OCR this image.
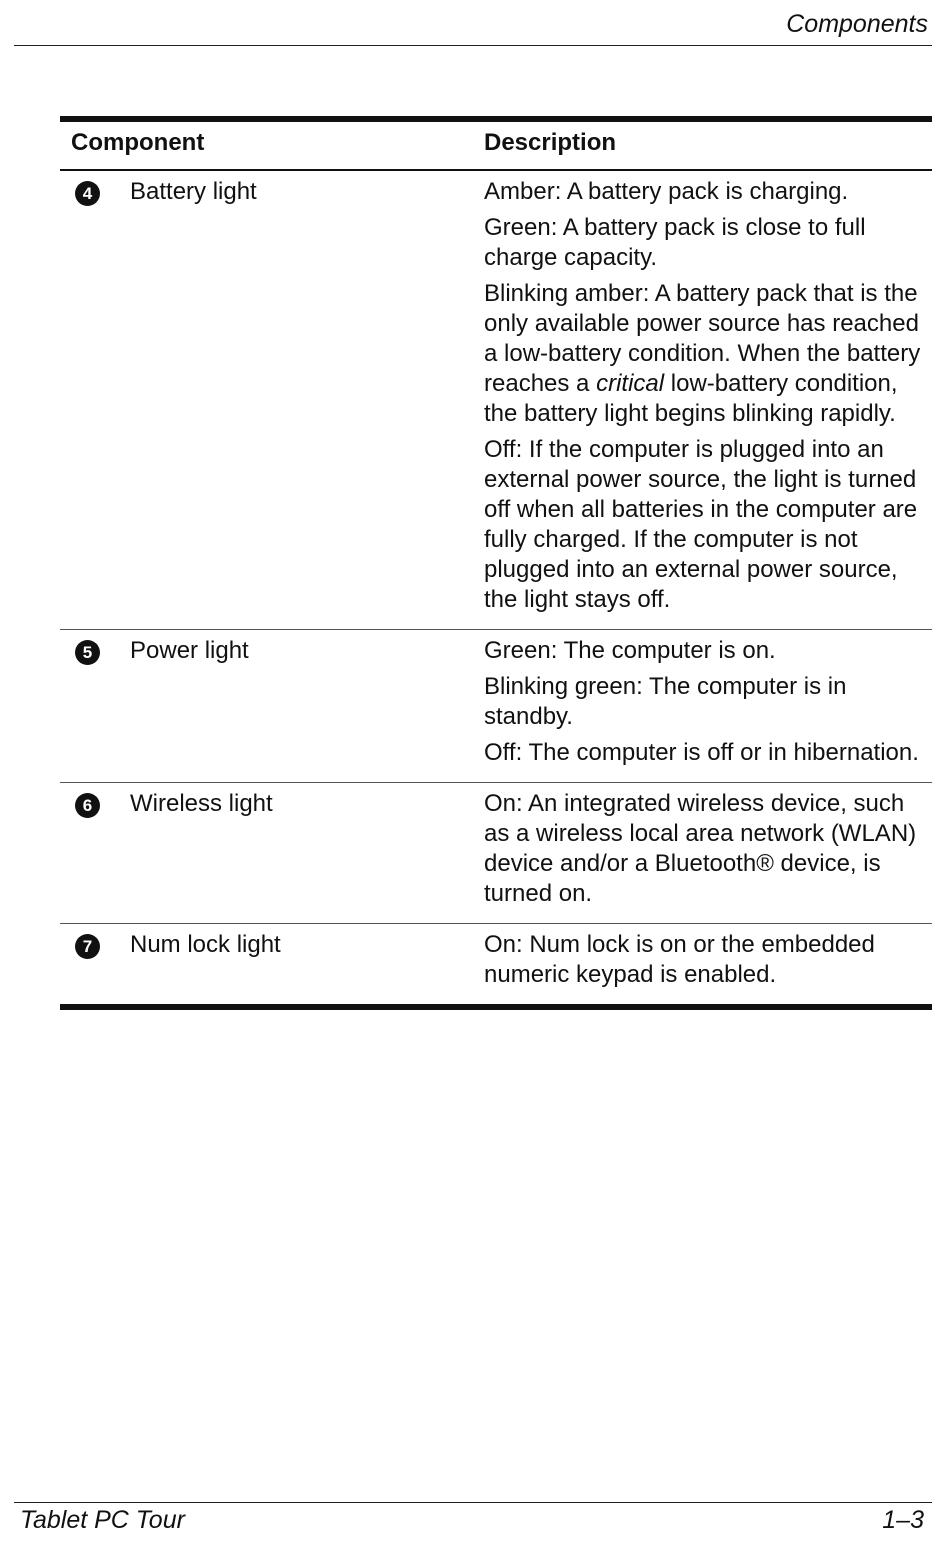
Components
Component		Description
4	Battery light	Amber: A battery pack is charging.

Green: A battery pack is close to full charge capacity.

Blinking amber: A battery pack that is the only available power source has reached a low-battery condition. When the battery reaches a critical low-battery condition, the battery light begins blinking rapidly.

Off: If the computer is plugged into an external power source, the light is turned off when all batteries in the computer are fully charged. If the computer is not plugged into an external power source, the light stays off.

5	Power light	Green: The computer is on.

Blinking green: The computer is in standby.

Off: The computer is off or in hibernation.

6	Wireless light	On: An integrated wireless device, such as a wireless local area network (WLAN) device and/or a Bluetooth® device, is turned on.

7	Num lock light	On: Num lock is on or the embedded numeric keypad is enabled.

Tablet PC Tour	1–3
